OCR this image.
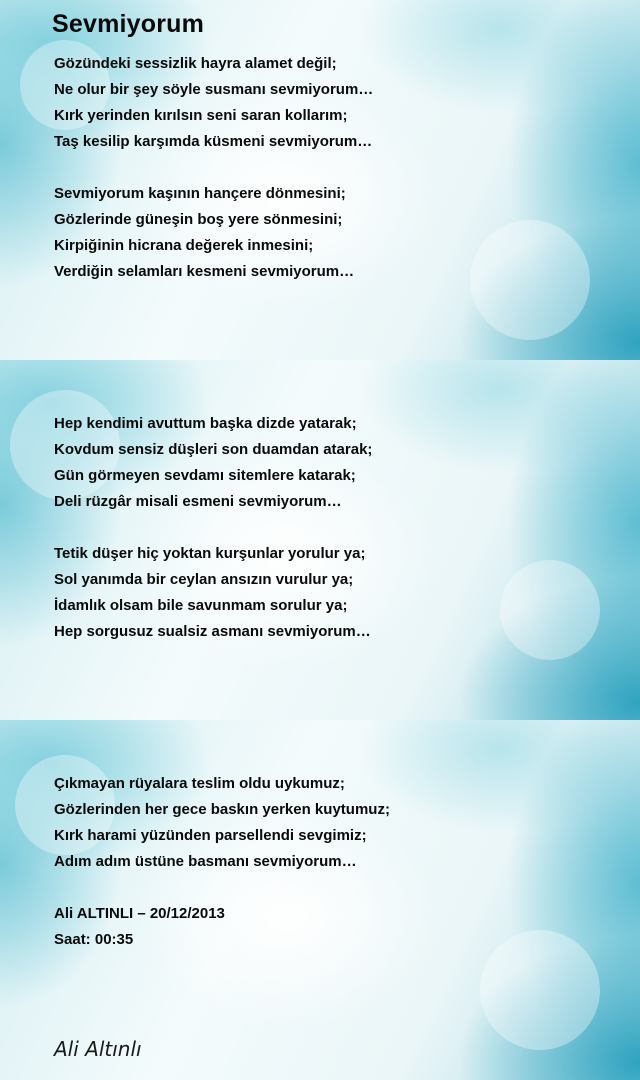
Sevmiyorum

Gözündeki sessizlik hayra alamet değil;
Ne olur bir şey söyle susmanı sevmiyorum…
Kırk yerinden kırılsın seni saran kollarım;
Taş kesilip karşımda küsmeni sevmiyorum…

Sevmiyorum kaşının hançere dönmesini;
Gözlerinde güneşin boş yere sönmesini;
Kirpiğinin hicrana değerek inmesini;
Verdiğin selamları kesmeni sevmiyorum…

Hep kendimi avuttum başka dizde yatarak;
Kovdum sensiz düşleri son duamdan atarak;
Gün görmeyen sevdamı sitemlere katarak;
Deli rüzgâr misali esmeni sevmiyorum…

Tetik düşer hiç yoktan kurşunlar yorulur ya;
Sol yanımda bir ceylan ansızın vurulur ya;
İdamlık olsam bile savunmam sorulur ya;
Hep sorgusuz sualsiz asmanı sevmiyorum…

Çıkmayan rüyalara teslim oldu uykumuz;
Gözlerinden her gece baskın yerken kuytumuz;
Kırk harami yüzünden parsellendi sevgimiz;
Adım adım üstüne basmanı sevmiyorum…

Ali ALTINLI – 20/12/2013
Saat: 00:35

Ali Altınlı
